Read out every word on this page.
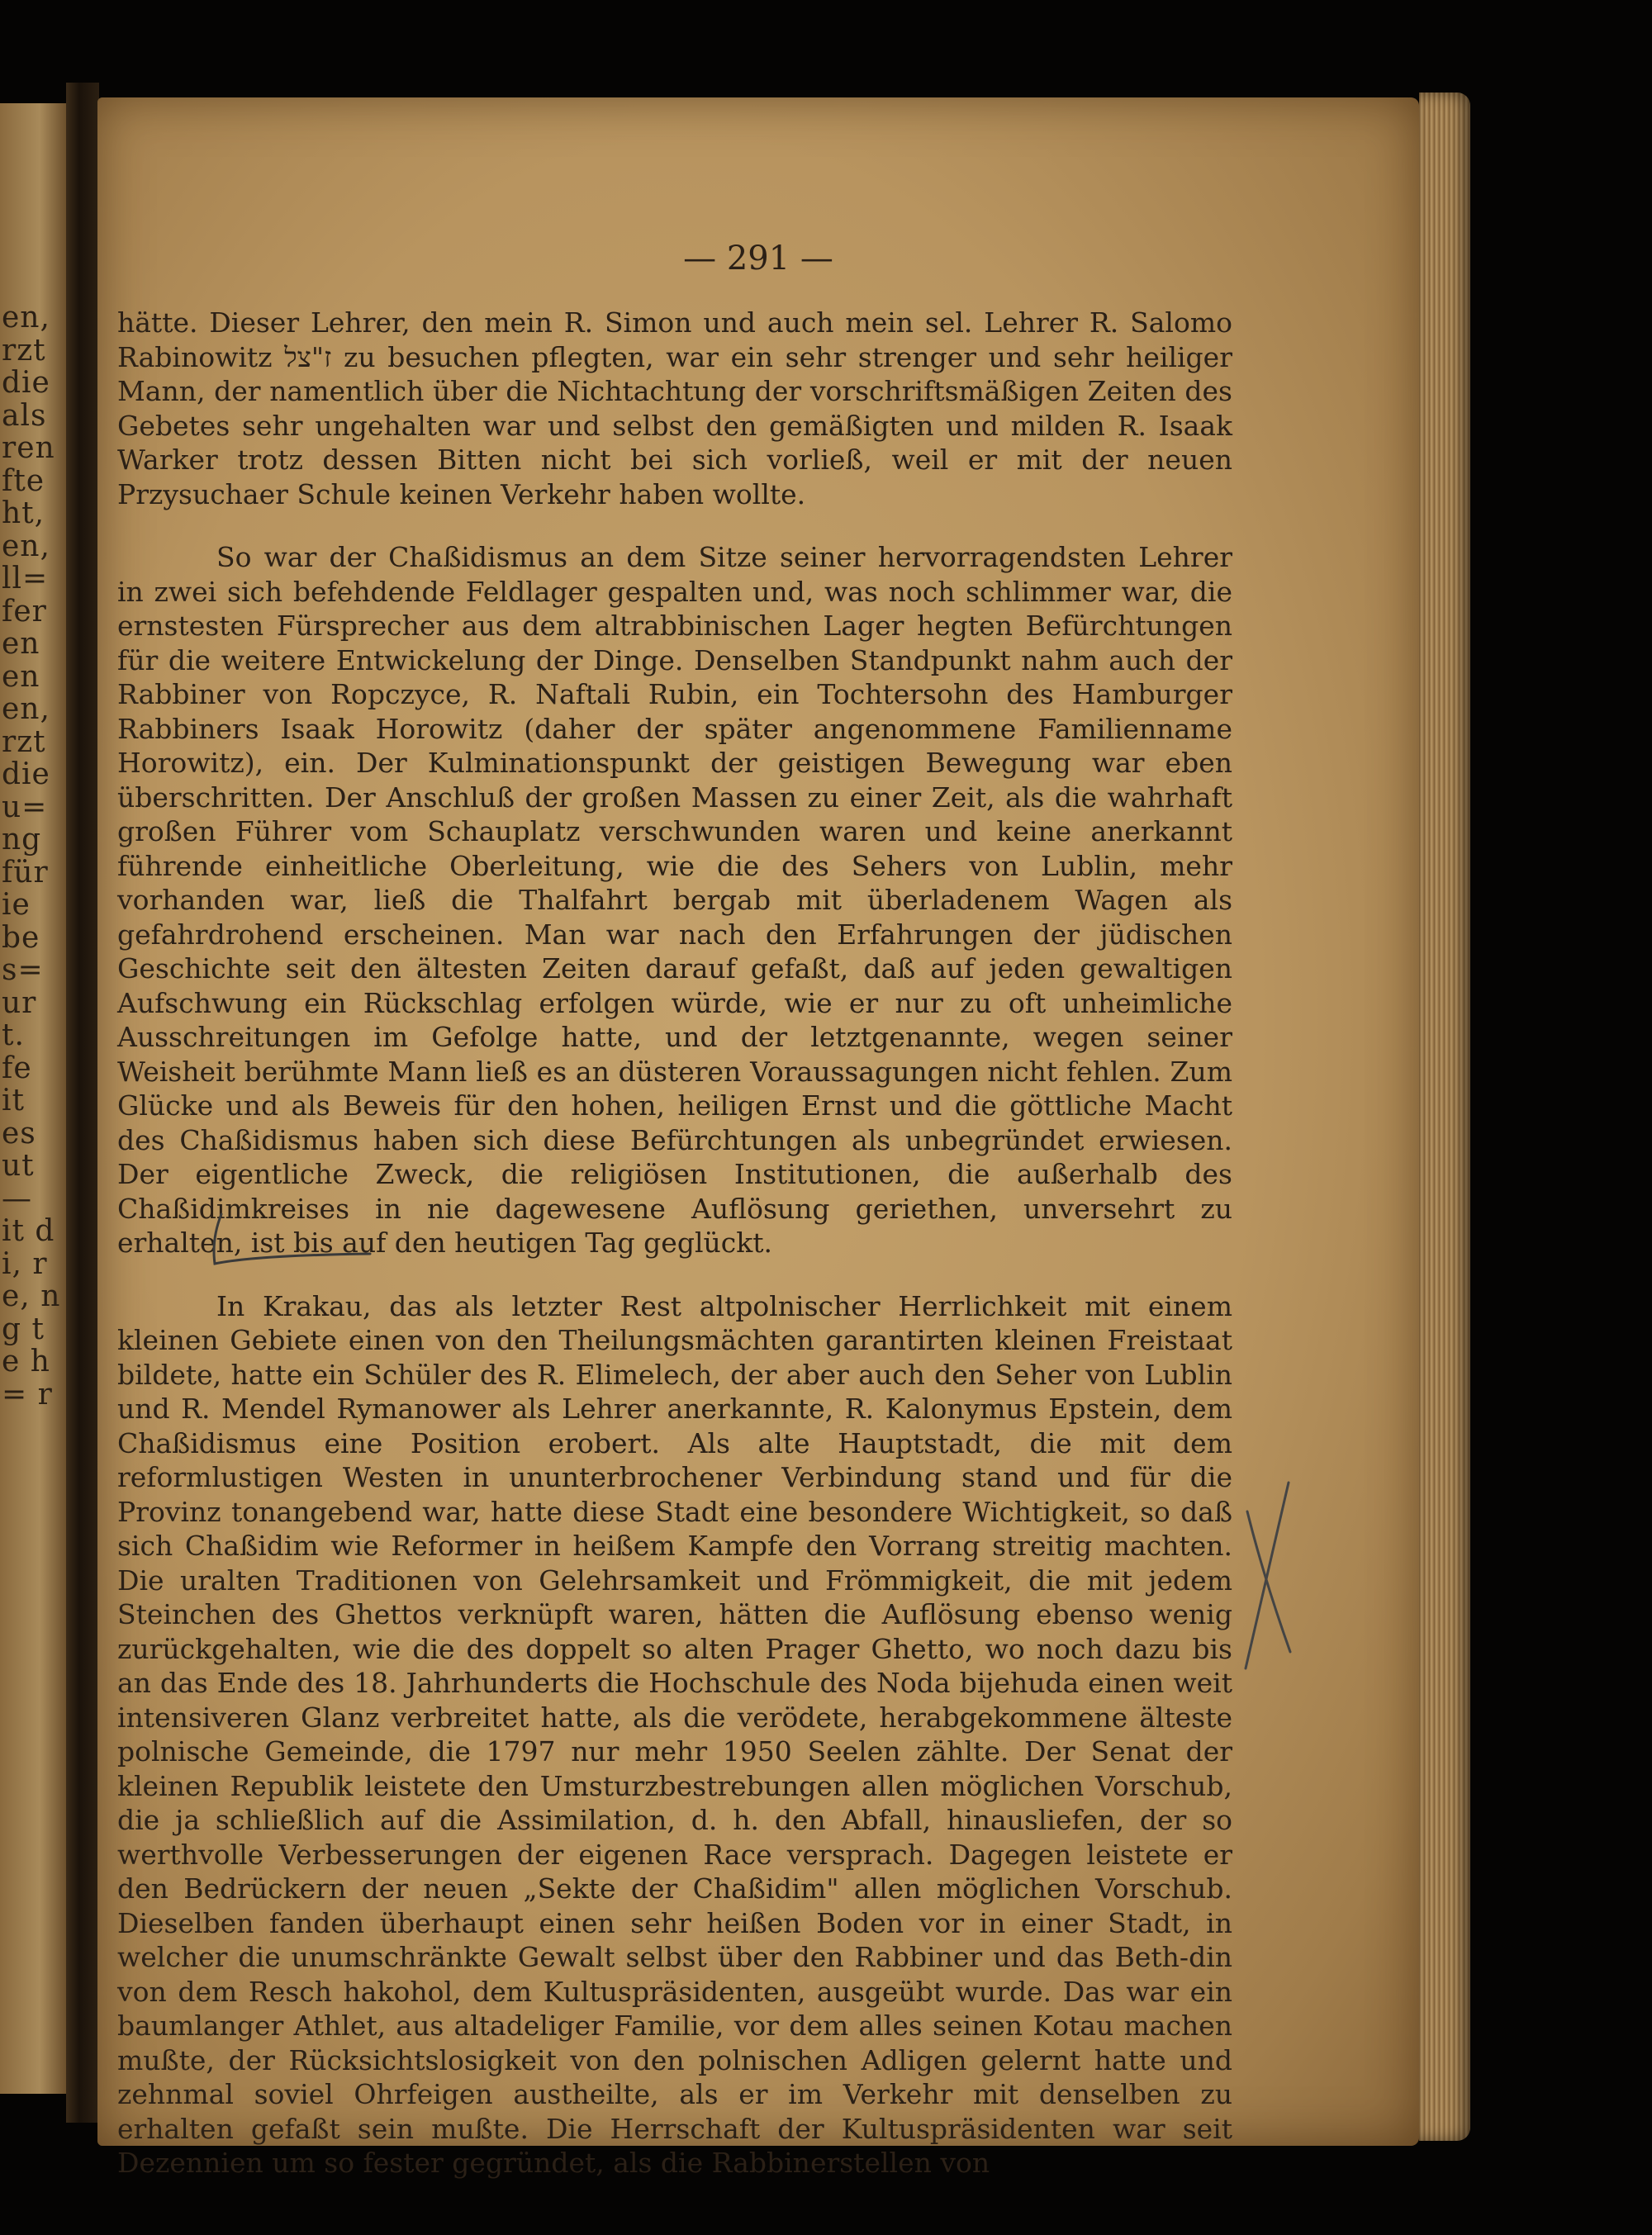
en, rzt die als ren fte ht, en, ll= fer en en en, rzt die u= ng für ie be s= ur t. fe it es ut — it d i, r e, n g t e h = r
— 291 —

hätte. Dieser Lehrer, den mein R. Simon und auch mein sel. Lehrer R. Salomo Rabinowitz ז"צל zu besuchen pflegten, war ein sehr strenger und sehr heiliger Mann, der namentlich über die Nichtachtung der vorschriftsmäßigen Zeiten des Gebetes sehr ungehalten war und selbst den gemäßigten und milden R. Isaak Warker trotz dessen Bitten nicht bei sich vorließ, weil er mit der neuen Przysuchaer Schule keinen Verkehr haben wollte.

So war der Chaßidismus an dem Sitze seiner hervorragendsten Lehrer in zwei sich befehdende Feldlager gespalten und, was noch schlimmer war, die ernstesten Fürsprecher aus dem altrabbinischen Lager hegten Befürchtungen für die weitere Entwickelung der Dinge. Denselben Standpunkt nahm auch der Rabbiner von Ropczyce, R. Naftali Rubin, ein Tochtersohn des Hamburger Rabbiners Isaak Horowitz (daher der später angenommene Familienname Horowitz), ein. Der Kulminationspunkt der geistigen Bewegung war eben überschritten. Der Anschluß der großen Massen zu einer Zeit, als die wahrhaft großen Führer vom Schauplatz verschwunden waren und keine anerkannt führende einheitliche Oberleitung, wie die des Sehers von Lublin, mehr vorhanden war, ließ die Thalfahrt bergab mit überladenem Wagen als gefahrdrohend erscheinen. Man war nach den Erfahrungen der jüdischen Geschichte seit den ältesten Zeiten darauf gefaßt, daß auf jeden gewaltigen Aufschwung ein Rückschlag erfolgen würde, wie er nur zu oft unheimliche Ausschreitungen im Gefolge hatte, und der letztgenannte, wegen seiner Weisheit berühmte Mann ließ es an düsteren Voraussagungen nicht fehlen. Zum Glücke und als Beweis für den hohen, heiligen Ernst und die göttliche Macht des Chaßidismus haben sich diese Befürchtungen als unbegründet erwiesen. Der eigentliche Zweck, die religiösen Institutionen, die außerhalb des Chaßidimkreises in nie dagewesene Auflösung geriethen, unversehrt zu erhalten, ist bis auf den heutigen Tag geglückt.

In Krakau, das als letzter Rest altpolnischer Herrlichkeit mit einem kleinen Gebiete einen von den Theilungsmächten garantirten kleinen Freistaat bildete, hatte ein Schüler des R. Elimelech, der aber auch den Seher von Lublin und R. Mendel Rymanower als Lehrer anerkannte, R. Kalonymus Epstein, dem Chaßidismus eine Position erobert. Als alte Hauptstadt, die mit dem reformlustigen Westen in ununterbrochener Verbindung stand und für die Provinz tonangebend war, hatte diese Stadt eine besondere Wichtigkeit, so daß sich Chaßidim wie Reformer in heißem Kampfe den Vorrang streitig machten. Die uralten Traditionen von Gelehrsamkeit und Frömmigkeit, die mit jedem Steinchen des Ghettos verknüpft waren, hätten die Auflösung ebenso wenig zurückgehalten, wie die des doppelt so alten Prager Ghetto, wo noch dazu bis an das Ende des 18. Jahrhunderts die Hochschule des Noda bijehuda einen weit intensiveren Glanz verbreitet hatte, als die verödete, herabgekommene älteste polnische Gemeinde, die 1797 nur mehr 1950 Seelen zählte. Der Senat der kleinen Republik leistete den Umsturzbestrebungen allen möglichen Vorschub, die ja schließlich auf die Assimilation, d. h. den Abfall, hinausliefen, der so werthvolle Verbesserungen der eigenen Race versprach. Dagegen leistete er den Bedrückern der neuen „Sekte der Chaßidim" allen möglichen Vorschub. Dieselben fanden überhaupt einen sehr heißen Boden vor in einer Stadt, in welcher die unumschränkte Gewalt selbst über den Rabbiner und das Beth-din von dem Resch hakohol, dem Kultuspräsidenten, ausgeübt wurde. Das war ein baumlanger Athlet, aus altadeliger Familie, vor dem alles seinen Kotau machen mußte, der Rücksichtslosigkeit von den polnischen Adligen gelernt hatte und zehnmal soviel Ohrfeigen austheilte, als er im Verkehr mit denselben zu erhalten gefaßt sein mußte. Die Herrschaft der Kultuspräsidenten war seit Dezennien um so fester gegründet, als die Rabbinerstellen von
